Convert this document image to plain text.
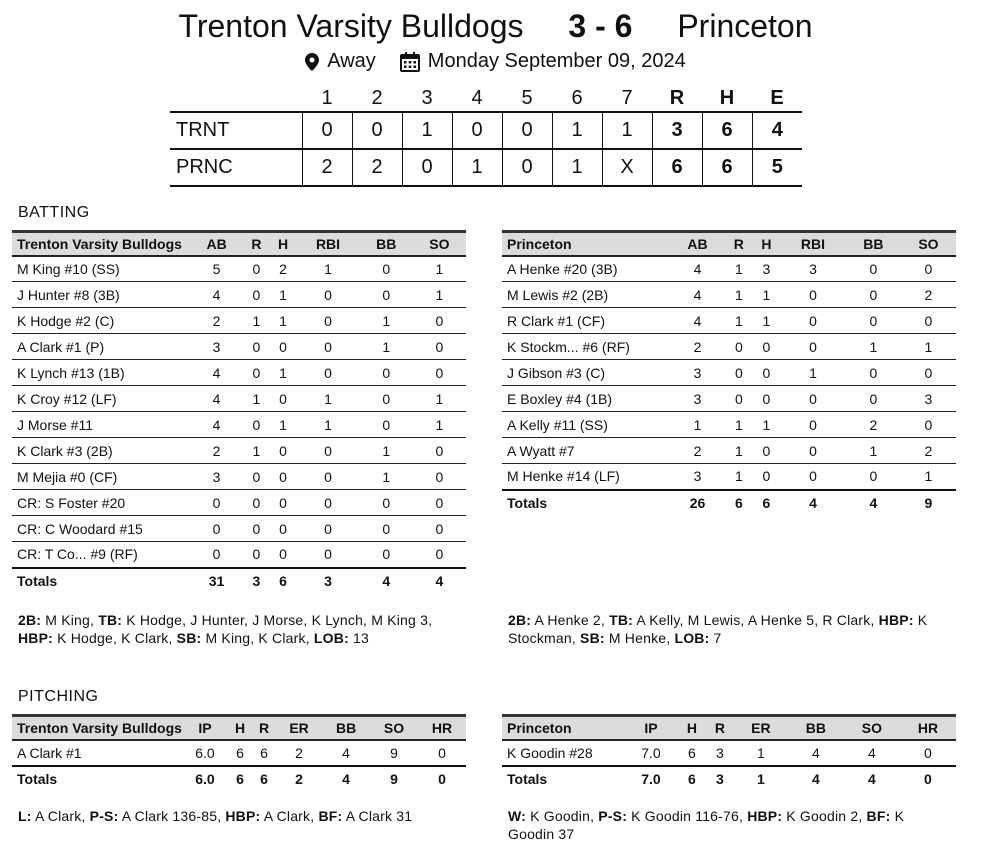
Trenton Varsity Bulldogs 3 - 6 Princeton
Away	Monday September 09, 2024
	1	2	3	4	5	6	7	R	H	E
TRNT	0	0	1	0	0	1	1	3	6	4
PRNC	2	2	0	1	0	1	X	6	6	5
BATTING
Trenton Varsity Bulldogs	AB	R	H	RBI	BB	SO
M King #10 (SS)	5	0	2	1	0	1
J Hunter #8 (3B)	4	0	1	0	0	1
K Hodge #2 (C)	2	1	1	0	1	0
A Clark #1 (P)	3	0	0	0	1	0
K Lynch #13 (1B)	4	0	1	0	0	0
K Croy #12 (LF)	4	1	0	1	0	1
J Morse #11	4	0	1	1	0	1
K Clark #3 (2B)	2	1	0	0	1	0
M Mejia #0 (CF)	3	0	0	0	1	0
CR: S Foster #20	0	0	0	0	0	0
CR: C Woodard #15	0	0	0	0	0	0
CR: T Co... #9 (RF)	0	0	0	0	0	0
Totals	31	3	6	3	4	4
Princeton	AB	R	H	RBI	BB	SO
A Henke #20 (3B)	4	1	3	3	0	0
M Lewis #2 (2B)	4	1	1	0	0	2
R Clark #1 (CF)	4	1	1	0	0	0
K Stockm... #6 (RF)	2	0	0	0	1	1
J Gibson #3 (C)	3	0	0	1	0	0
E Boxley #4 (1B)	3	0	0	0	0	3
A Kelly #11 (SS)	1	1	1	0	2	0
A Wyatt #7	2	1	0	0	1	2
M Henke #14 (LF)	3	1	0	0	0	1
Totals	26	6	6	4	4	9
2B: M King, TB: K Hodge, J Hunter, J Morse, K Lynch, M King 3, HBP: K Hodge, K Clark, SB: M King, K Clark, LOB: 13
2B: A Henke 2, TB: A Kelly, M Lewis, A Henke 5, R Clark, HBP: K Stockman, SB: M Henke, LOB: 7
PITCHING
Trenton Varsity Bulldogs	IP	H	R	ER	BB	SO	HR
A Clark #1	6.0	6	6	2	4	9	0
Totals	6.0	6	6	2	4	9	0
Princeton	IP	H	R	ER	BB	SO	HR
K Goodin #28	7.0	6	3	1	4	4	0
Totals	7.0	6	3	1	4	4	0
L: A Clark, P-S: A Clark 136-85, HBP: A Clark, BF: A Clark 31	W: K Goodin, P-S: K Goodin 116-76, HBP: K Goodin 2, BF: K Goodin 37
